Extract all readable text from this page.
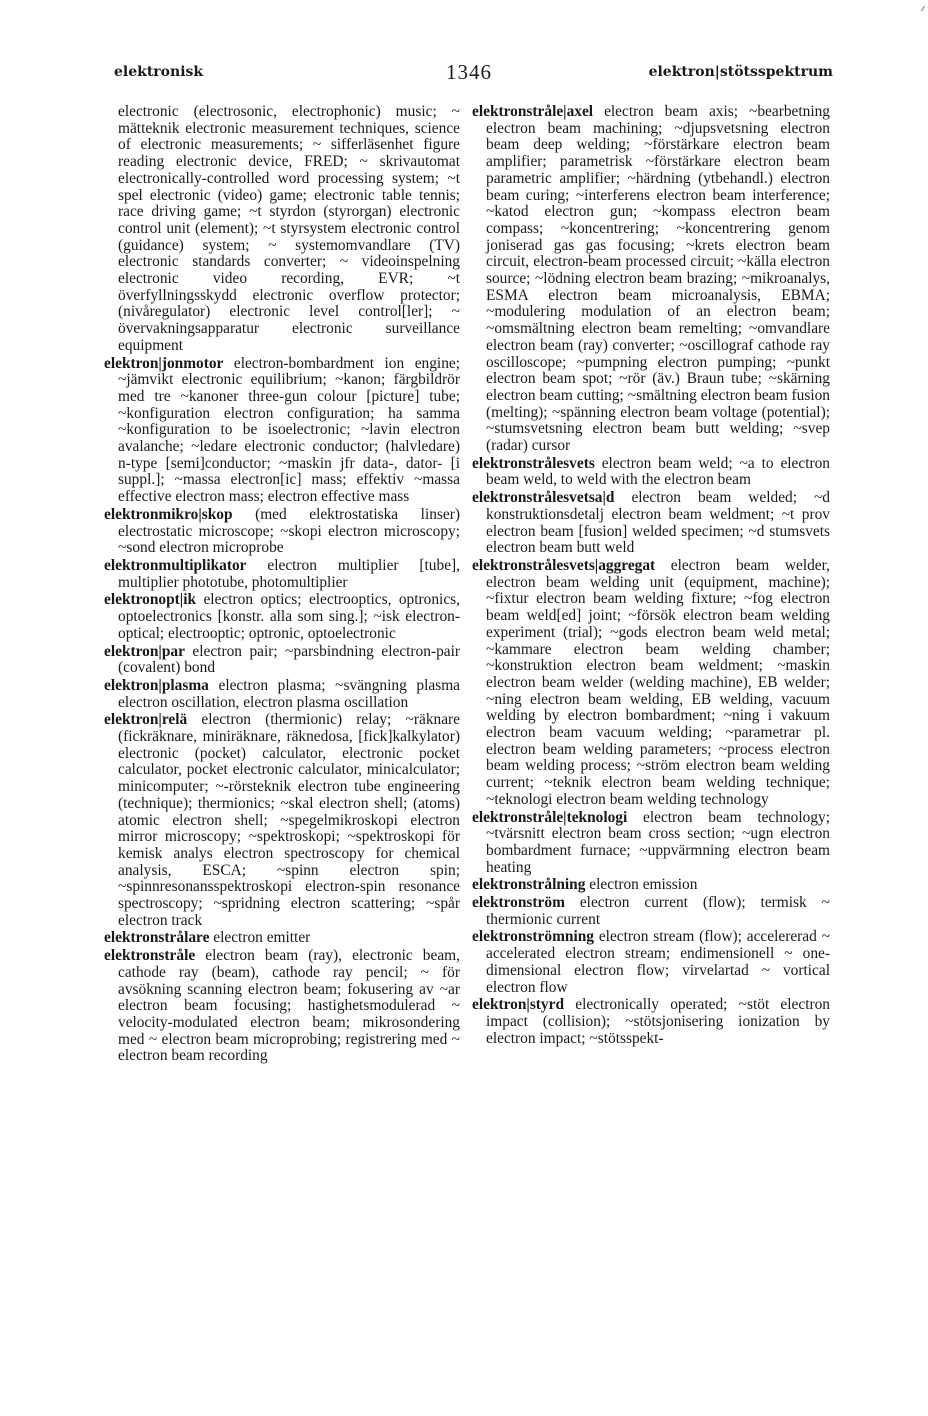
elektronisk	1346	elektron|stötsspektrum

electronic (electrosonic, electrophonic) music; ~ mätteknik electronic measurement techniques, science of electronic measurements; ~ sifferläsenhet figure reading electronic device, FRED; ~ skrivautomat electronically-controlled word processing system; ~t spel electronic (video) game; electronic table tennis; race driving game; ~t styrdon (styrorgan) electronic control unit (element); ~t styrsystem electronic control (guidance) system; ~ systemomvandlare (TV) electronic standards converter; ~ videoinspelning electronic video recording, EVR; ~t överfyllningsskydd electronic overflow protector; (nivåregulator) electronic level control[ler]; ~ övervakningsapparatur electronic surveillance equipment

elektron|jonmotor electron-bombardment ion engine; ~jämvikt electronic equilibrium; ~kanon; färgbildrör med tre ~kanoner three-gun colour [picture] tube; ~konfiguration electron configuration; ha samma ~konfiguration to be isoelectronic; ~lavin electron avalanche; ~ledare electronic conductor; (halvledare) n-type [semi]conductor; ~maskin jfr data-, dator- [i suppl.]; ~massa electron[ic] mass; effektiv ~massa effective electron mass; electron effective mass

elektronmikro|skop (med elektrostatiska linser) electrostatic microscope; ~skopi electron microscopy; ~sond electron microprobe

elektronmultiplikator electron multiplier [tube], multiplier phototube, photomultiplier

elektronopt|ik electron optics; electrooptics, optronics, optoelectronics [konstr. alla som sing.]; ~isk electron-optical; electrooptic; optronic, optoelectronic

elektron|par electron pair; ~parsbindning electron-pair (covalent) bond

elektron|plasma electron plasma; ~svängning plasma electron oscillation, electron plasma oscillation

elektron|relä electron (thermionic) relay; ~räknare (fickräknare, miniräknare, räknedosa, [fick]kalkylator) electronic (pocket) calculator, electronic pocket calculator, pocket electronic calculator, minicalculator; minicomputer; ~-rörsteknik electron tube engineering (technique); thermionics; ~skal electron shell; (atoms) atomic electron shell; ~spegelmikroskopi electron mirror microscopy; ~spektroskopi; ~spektroskopi för kemisk analys electron spectroscopy for chemical analysis, ESCA; ~spinn electron spin; ~spinnresonansspektroskopi electron-spin resonance spectroscopy; ~spridning electron scattering; ~spår electron track

elektronstrålare electron emitter

elektronstråle electron beam (ray), electronic beam, cathode ray (beam), cathode ray pencil; ~ för avsökning scanning electron beam; fokusering av ~ar electron beam focusing; hastighetsmodulerad ~ velocity-modulated electron beam; mikrosondering med ~ electron beam microprobing; registrering med ~ electron beam recording

elektronstråle|axel electron beam axis; ~bearbetning electron beam machining; ~djupsvetsning electron beam deep welding; ~förstärkare electron beam amplifier; parametrisk ~förstärkare electron beam parametric amplifier; ~härdning (ytbehandl.) electron beam curing; ~interferens electron beam interference; ~katod electron gun; ~kompass electron beam compass; ~koncentrering; ~koncentrering genom joniserad gas gas focusing; ~krets electron beam circuit, electron-beam processed circuit; ~källa electron source; ~lödning electron beam brazing; ~mikroanalys, ESMA electron beam microanalysis, EBMA; ~modulering modulation of an electron beam; ~omsmältning electron beam remelting; ~omvandlare electron beam (ray) converter; ~oscillograf cathode ray oscilloscope; ~pumpning electron pumping; ~punkt electron beam spot; ~rör (äv.) Braun tube; ~skärning electron beam cutting; ~smältning electron beam fusion (melting); ~spänning electron beam voltage (potential); ~stumsvetsning electron beam butt welding; ~svep (radar) cursor

elektronstrålesvets electron beam weld; ~a to electron beam weld, to weld with the electron beam

elektronstrålesvetsa|d electron beam welded; ~d konstruktionsdetalj electron beam weldment; ~t prov electron beam [fusion] welded specimen; ~d stumsvets electron beam butt weld

elektronstrålesvets|aggregat electron beam welder, electron beam welding unit (equipment, machine); ~fixtur electron beam welding fixture; ~fog electron beam weld[ed] joint; ~försök electron beam welding experiment (trial); ~gods electron beam weld metal; ~kammare electron beam welding chamber; ~konstruktion electron beam weldment; ~maskin electron beam welder (welding machine), EB welder; ~ning electron beam welding, EB welding, vacuum welding by electron bombardment; ~ning i vakuum electron beam vacuum welding; ~parametrar pl. electron beam welding parameters; ~process electron beam welding process; ~ström electron beam welding current; ~teknik electron beam welding technique; ~teknologi electron beam welding technology

elektronstråle|teknologi electron beam technology; ~tvärsnitt electron beam cross section; ~ugn electron bombardment furnace; ~uppvärmning electron beam heating

elektronstrålning electron emission

elektronström electron current (flow); termisk ~ thermionic current

elektronströmning electron stream (flow); accelererad ~ accelerated electron stream; endimensionell ~ one-dimensional electron flow; virvelartad ~ vortical electron flow

elektron|styrd electronically operated; ~stöt electron impact (collision); ~stötsjonisering ionization by electron impact; ~stötsspekt-
